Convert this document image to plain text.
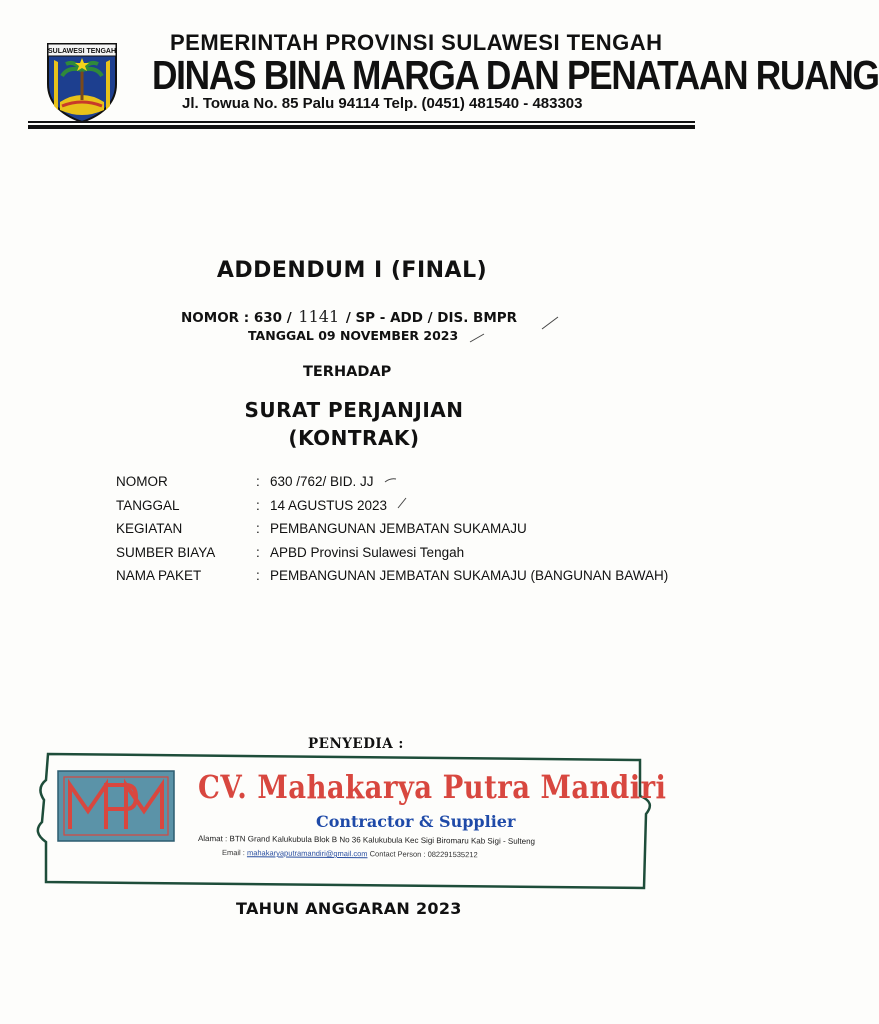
SULAWESI TENGAH PEMERINTAH PROVINSI SULAWESI TENGAH
DINAS BINA MARGA DAN PENATAAN RUANG
Jl. Towua No. 85 Palu 94114 Telp. (0451) 481540 - 483303
ADDENDUM I (FINAL)
NOMOR : 630 / 1141 / SP - ADD / DIS. BMPR
TANGGAL 09 NOVEMBER 2023
TERHADAP
SURAT PERJANJIAN
(KONTRAK)
NOMOR	: 630 /762/ BID. JJ
TANGGAL	: 14 AGUSTUS 2023
KEGIATAN	: PEMBANGUNAN JEMBATAN SUKAMAJU
SUMBER BIAYA	: APBD Provinsi Sulawesi Tengah
NAMA PAKET	: PEMBANGUNAN JEMBATAN SUKAMAJU (BANGUNAN BAWAH)
PENYEDIA :
MPM
CV. Mahakarya Putra Mandiri
Contractor & Supplier
Alamat : BTN Grand Kalukubula Blok B No 36 Kalukubula Kec Sigi Biromaru Kab Sigi - Sulteng
Email : mahakaryaputramandiri@gmail.com Contact Person : 082291535212
TAHUN ANGGARAN 2023
